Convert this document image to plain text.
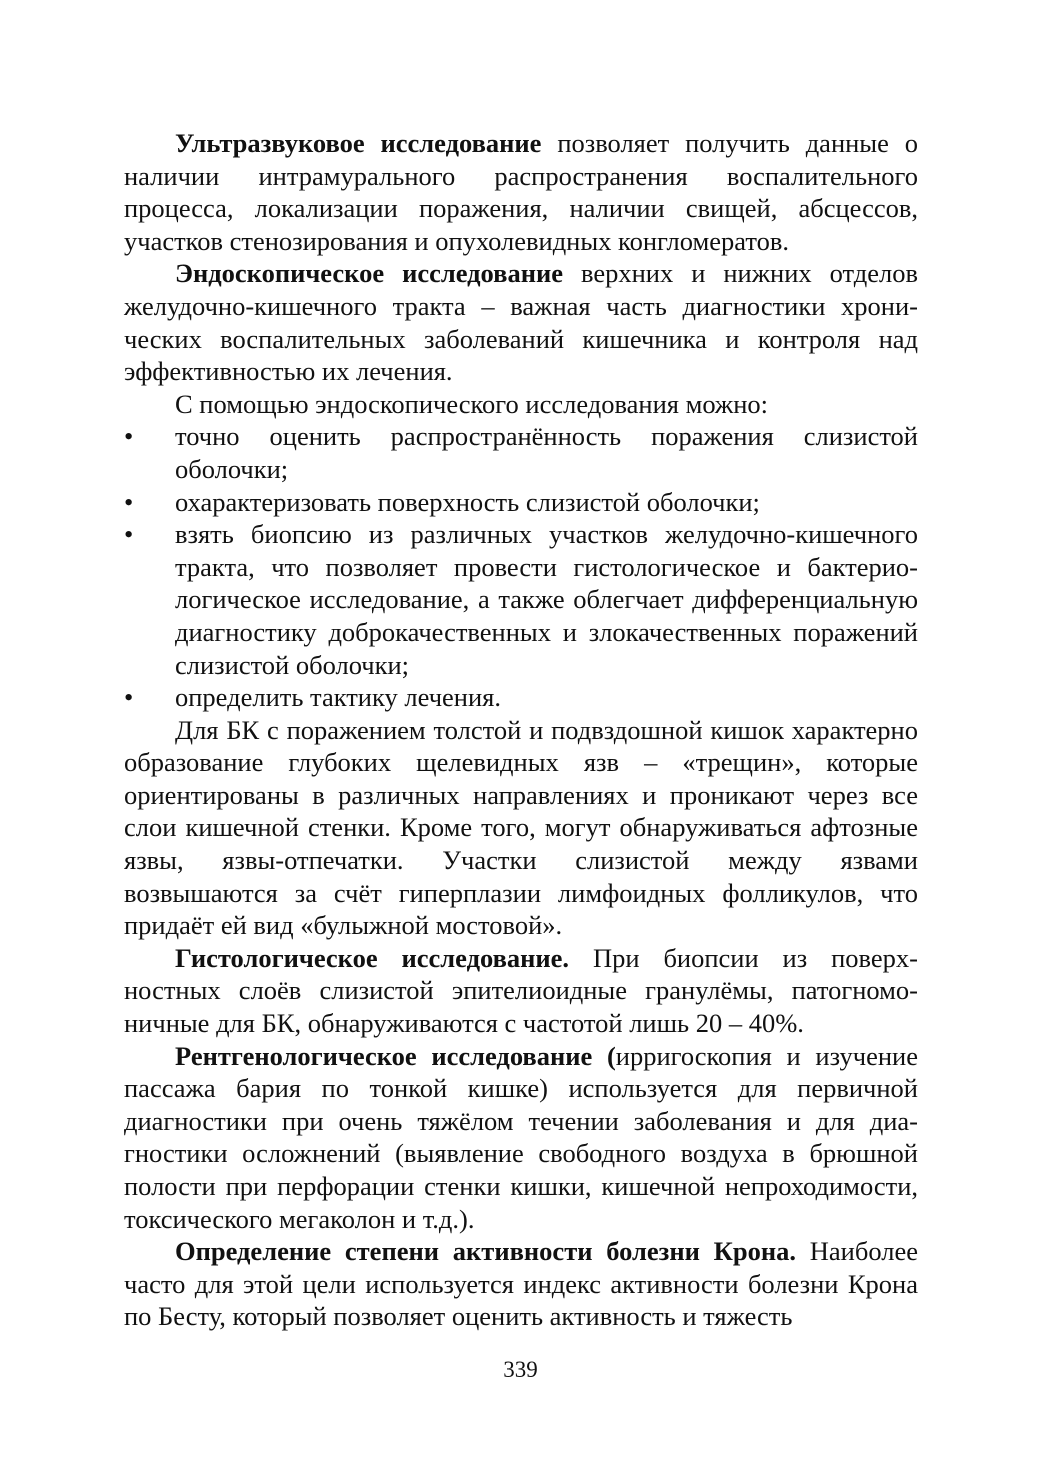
Ультразвуковое исследование позволяет получить данные о наличии интрамурального распространения воспалительного процесса, локализации поражения, наличии свищей, абсцессов, участков стенозирования и опухолевидных конгломератов.

Эндоскопическое исследование верхних и нижних отделов желудочно-кишечного тракта – важная часть диагностики хронических воспалительных заболеваний кишечника и контроля над эффективностью их лечения.

С помощью эндоскопического исследования можно:

•	точно оценить распространённость поражения слизистой оболочки;
•	охарактеризовать поверхность слизистой оболочки;
•	взять биопсию из различных участков желудочно-кишечного тракта, что позволяет провести гистологическое и бактериологическое исследование, а также облегчает дифференциальную диагностику доброкачественных и злокачественных поражений слизистой оболочки;
•	определить тактику лечения.

Для БК с поражением толстой и подвздошной кишок характерно образование глубоких щелевидных язв – «трещин», которые ориентированы в различных направлениях и проникают через все слои кишечной стенки. Кроме того, могут обнаруживаться афтозные язвы, язвы-отпечатки. Участки слизистой между язвами возвышаются за счёт гиперплазии лимфоидных фолликулов, что придаёт ей вид «булыжной мостовой».

Гистологическое исследование. При биопсии из поверхностных слоёв слизистой эпителиоидные гранулёмы, патогномоничные для БК, обнаруживаются с частотой лишь 20 – 40%.

Рентгенологическое исследование (ирригоскопия и изучение пассажа бария по тонкой кишке) используется для первичной диагностики при очень тяжёлом течении заболевания и для диагностики осложнений (выявление свободного воздуха в брюшной полости при перфорации стенки кишки, кишечной непроходимости, токсического мегаколон и т.д.).

Определение степени активности болезни Крона. Наиболее часто для этой цели используется индекс активности болезни Крона по Бесту, который позволяет оценить активность и тяжесть

339
